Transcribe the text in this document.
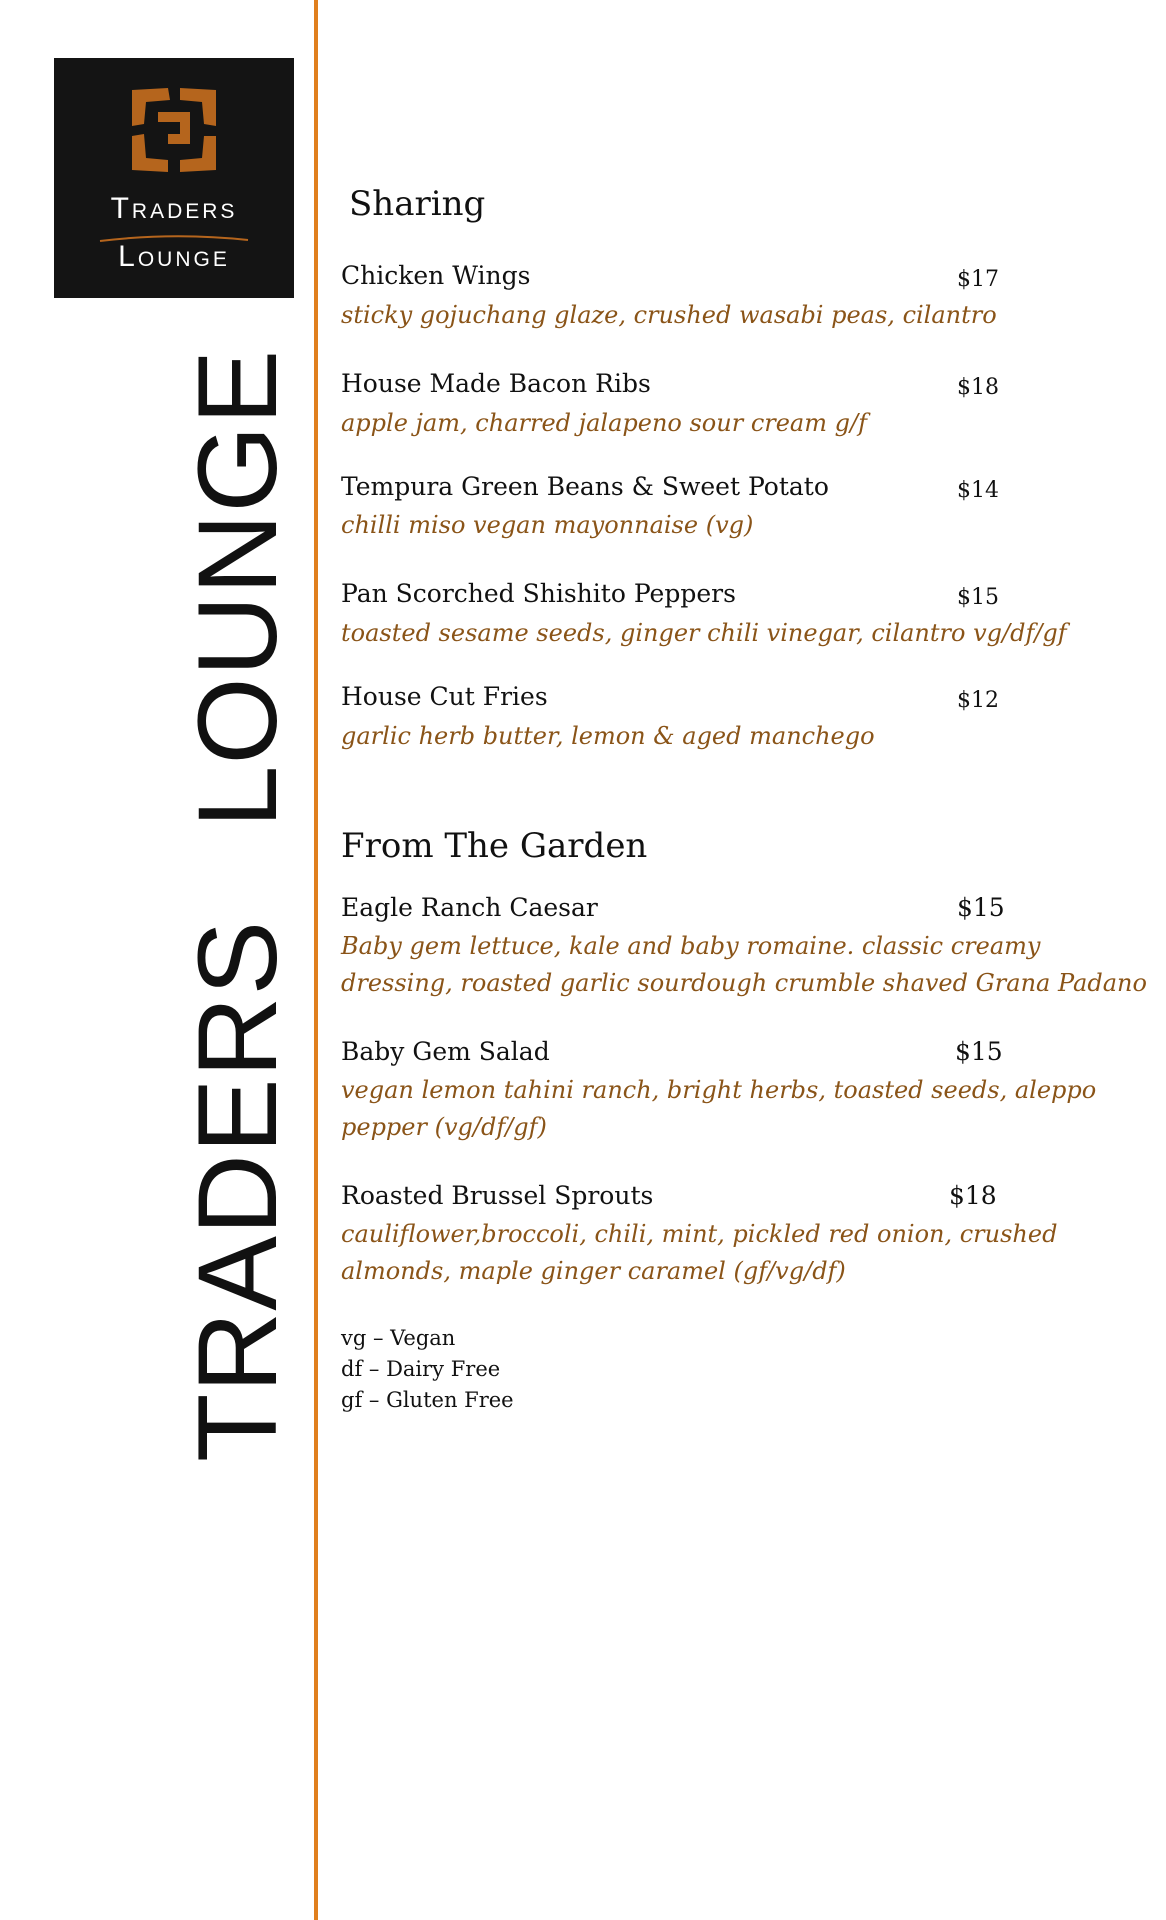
Traders
Lounge
TRADERSLOUNGE
Sharing
Chicken Wings	$17
sticky gojuchang glaze, crushed wasabi peas, cilantro
House Made Bacon Ribs	$18
apple jam, charred jalapeno sour cream g/f
Tempura Green Beans & Sweet Potato	$14
chilli miso vegan mayonnaise (vg)
Pan Scorched Shishito Peppers	$15
toasted sesame seeds, ginger chili vinegar, cilantro vg/df/gf
House Cut Fries	$12
garlic herb butter, lemon & aged manchego
From The Garden
Eagle Ranch Caesar	$15
Baby gem lettuce, kale and baby romaine. classic creamy dressing, roasted garlic sourdough crumble shaved Grana Padano
Baby Gem Salad	$15
vegan lemon tahini ranch, bright herbs, toasted seeds, aleppo pepper (vg/df/gf)
Roasted Brussel Sprouts	$18
cauliflower,broccoli, chili, mint, pickled red onion, crushed almonds, maple ginger caramel (gf/vg/df)
vg – Vegan
df – Dairy Free
gf – Gluten Free
